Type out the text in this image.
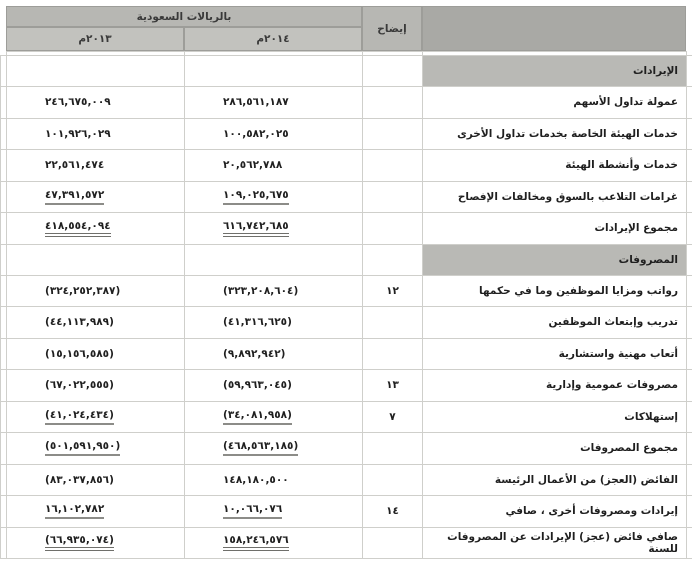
بالريالات السعودية
إيضاح
٢٠١٣م	٢٠١٤م

				الإيرادات	
	٢٤٦,٦٧٥,٠٠٩	٢٨٦,٥٦١,١٨٧		عمولة تداول الأسهم	
	١٠١,٩٢٦,٠٢٩	١٠٠,٥٨٢,٠٢٥		خدمات الهيئة الخاصة بخدمات تداول الأخرى	
	٢٢,٥٦١,٤٧٤	٢٠,٥٦٢,٧٨٨		خدمات وأنشطة الهيئة	
	٤٧,٣٩١,٥٧٢	١٠٩,٠٢٥,٦٧٥		غرامات التلاعب بالسوق ومخالفات الإفصاح	
	٤١٨,٥٥٤,٠٩٤	٦١٦,٧٤٢,٦٨٥		مجموع الإيرادات	
				المصروفات	
	(٣٢٤,٢٥٢,٣٨٧)	(٣٢٣,٢٠٨,٦٠٤)	١٢	رواتب ومزايا الموظفين وما في حكمها	
	(٤٤,١١٣,٩٨٩)	(٤١,٣١٦,٦٢٥)		تدريب وإبتعاث الموظفين	
	(١٥,١٥٦,٥٨٥)	(٩,٨٩٢,٩٤٢)		أتعاب مهنية واستشارية	
	(٦٧,٠٢٢,٥٥٥)	(٥٩,٩٦٣,٠٤٥)	١٣	مصروفات عمومية وإدارية	
	(٤١,٠٢٤,٤٣٤)	(٣٤,٠٨١,٩٥٨)	٧	إستهلاكات	
	(٥٠١,٥٩١,٩٥٠)	(٤٦٨,٥٦٣,١٨٥)		مجموع المصروفات	
	(٨٣,٠٣٧,٨٥٦)	١٤٨,١٨٠,٥٠٠		الفائض (العجز) من الأعمال الرئيسة	
	١٦,١٠٢,٧٨٢	١٠,٠٦٦,٠٧٦	١٤	إيرادات ومصروفات أخرى ، صافي	
	(٦٦,٩٣٥,٠٧٤)	١٥٨,٢٤٦,٥٧٦		صافي فائض (عجز) الإيرادات عن المصروفات للسنة	
